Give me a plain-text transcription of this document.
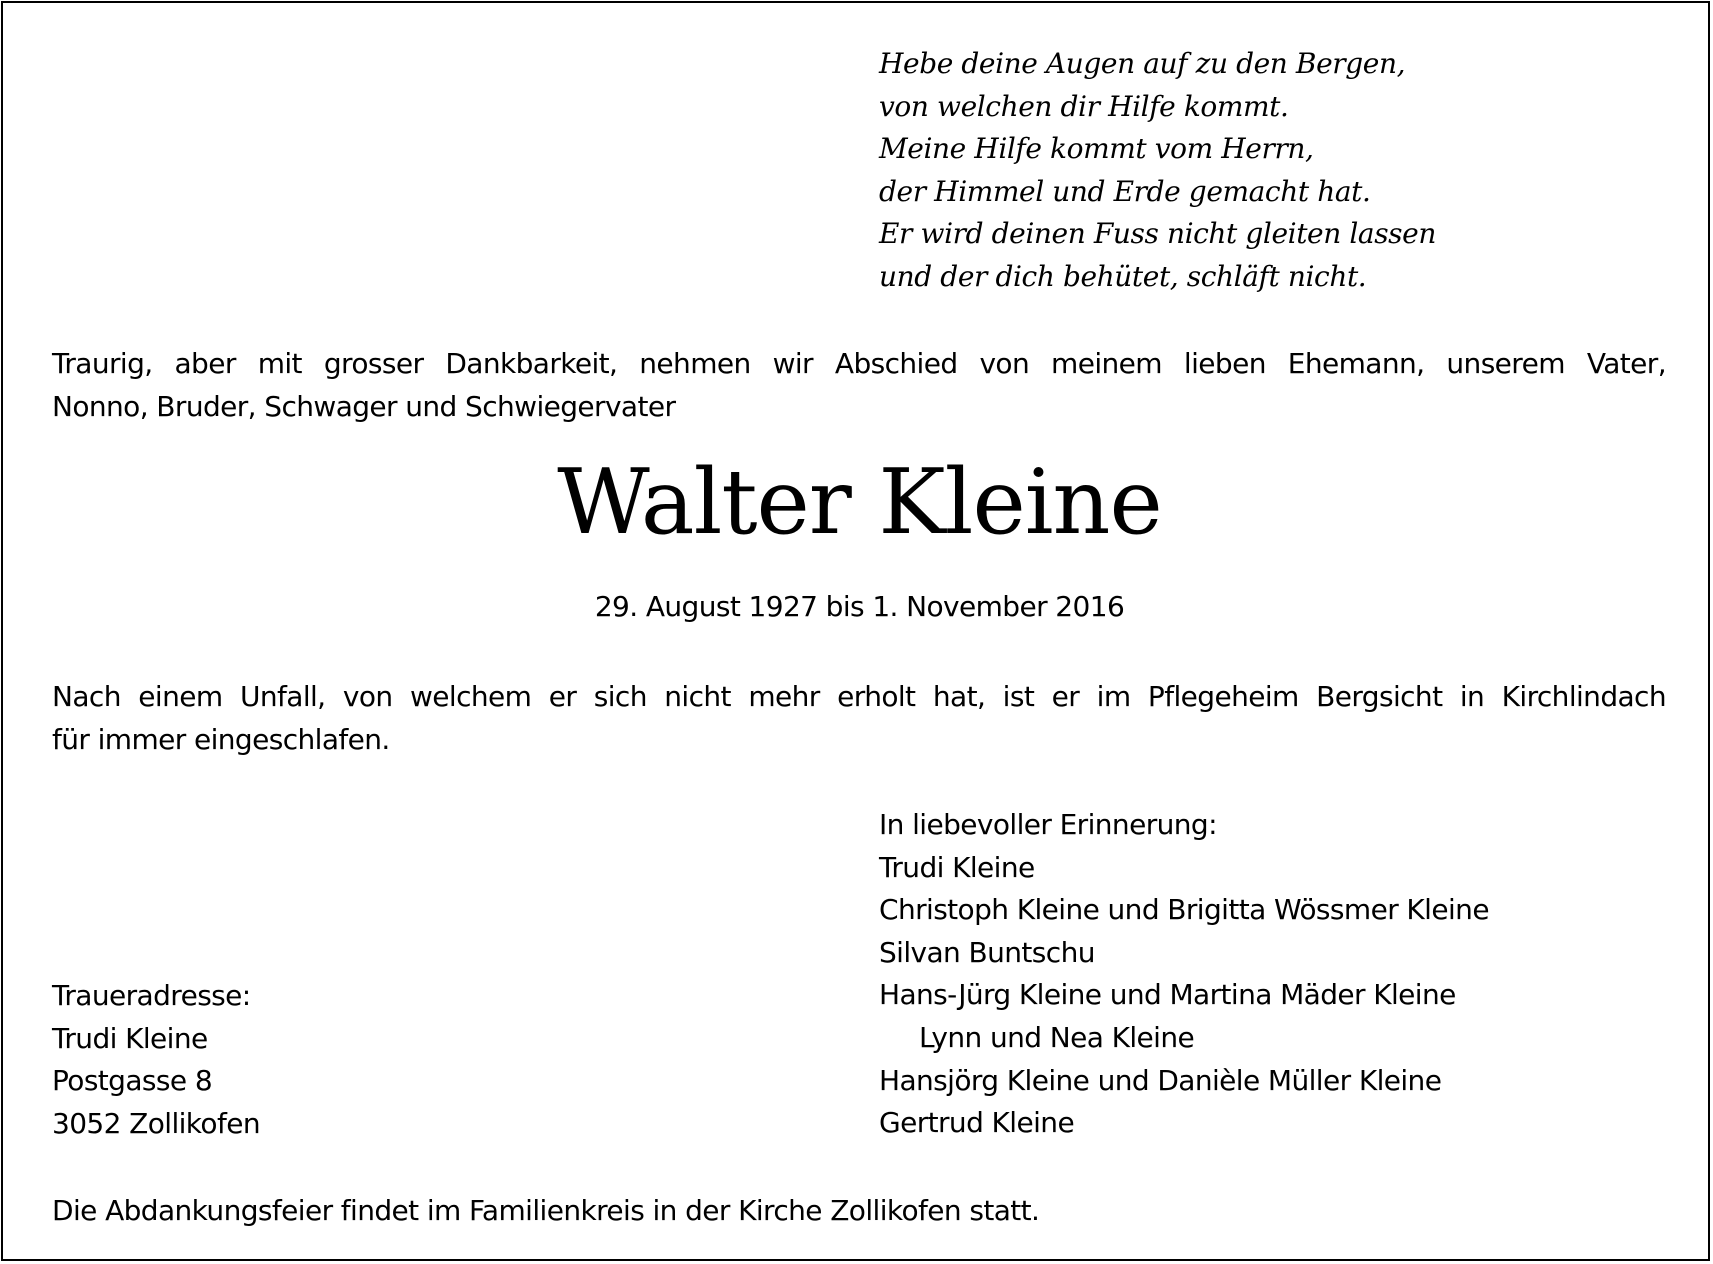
Hebe deine Augen auf zu den Bergen,
von welchen dir Hilfe kommt.
Meine Hilfe kommt vom Herrn,
der Himmel und Erde gemacht hat.
Er wird deinen Fuss nicht gleiten lassen
und der dich behütet, schläft nicht.
Traurig, aber mit grosser Dankbarkeit, nehmen wir Abschied von meinem lieben Ehemann, unserem Vater,
Nonno, Bruder, Schwager und Schwiegervater
Walter Kleine
29. August 1927 bis 1. November 2016
Nach einem Unfall, von welchem er sich nicht mehr erholt hat, ist er im Pflegeheim Bergsicht in Kirchlindach
für immer eingeschlafen.
In liebevoller Erinnerung:
Trudi Kleine
Christoph Kleine und Brigitta Wössmer Kleine
Silvan Buntschu
Hans-Jürg Kleine und Martina Mäder Kleine
Lynn und Nea Kleine
Hansjörg Kleine und Danièle Müller Kleine
Gertrud Kleine
Traueradresse:
Trudi Kleine
Postgasse 8
3052 Zollikofen
Die Abdankungsfeier findet im Familienkreis in der Kirche Zollikofen statt.
